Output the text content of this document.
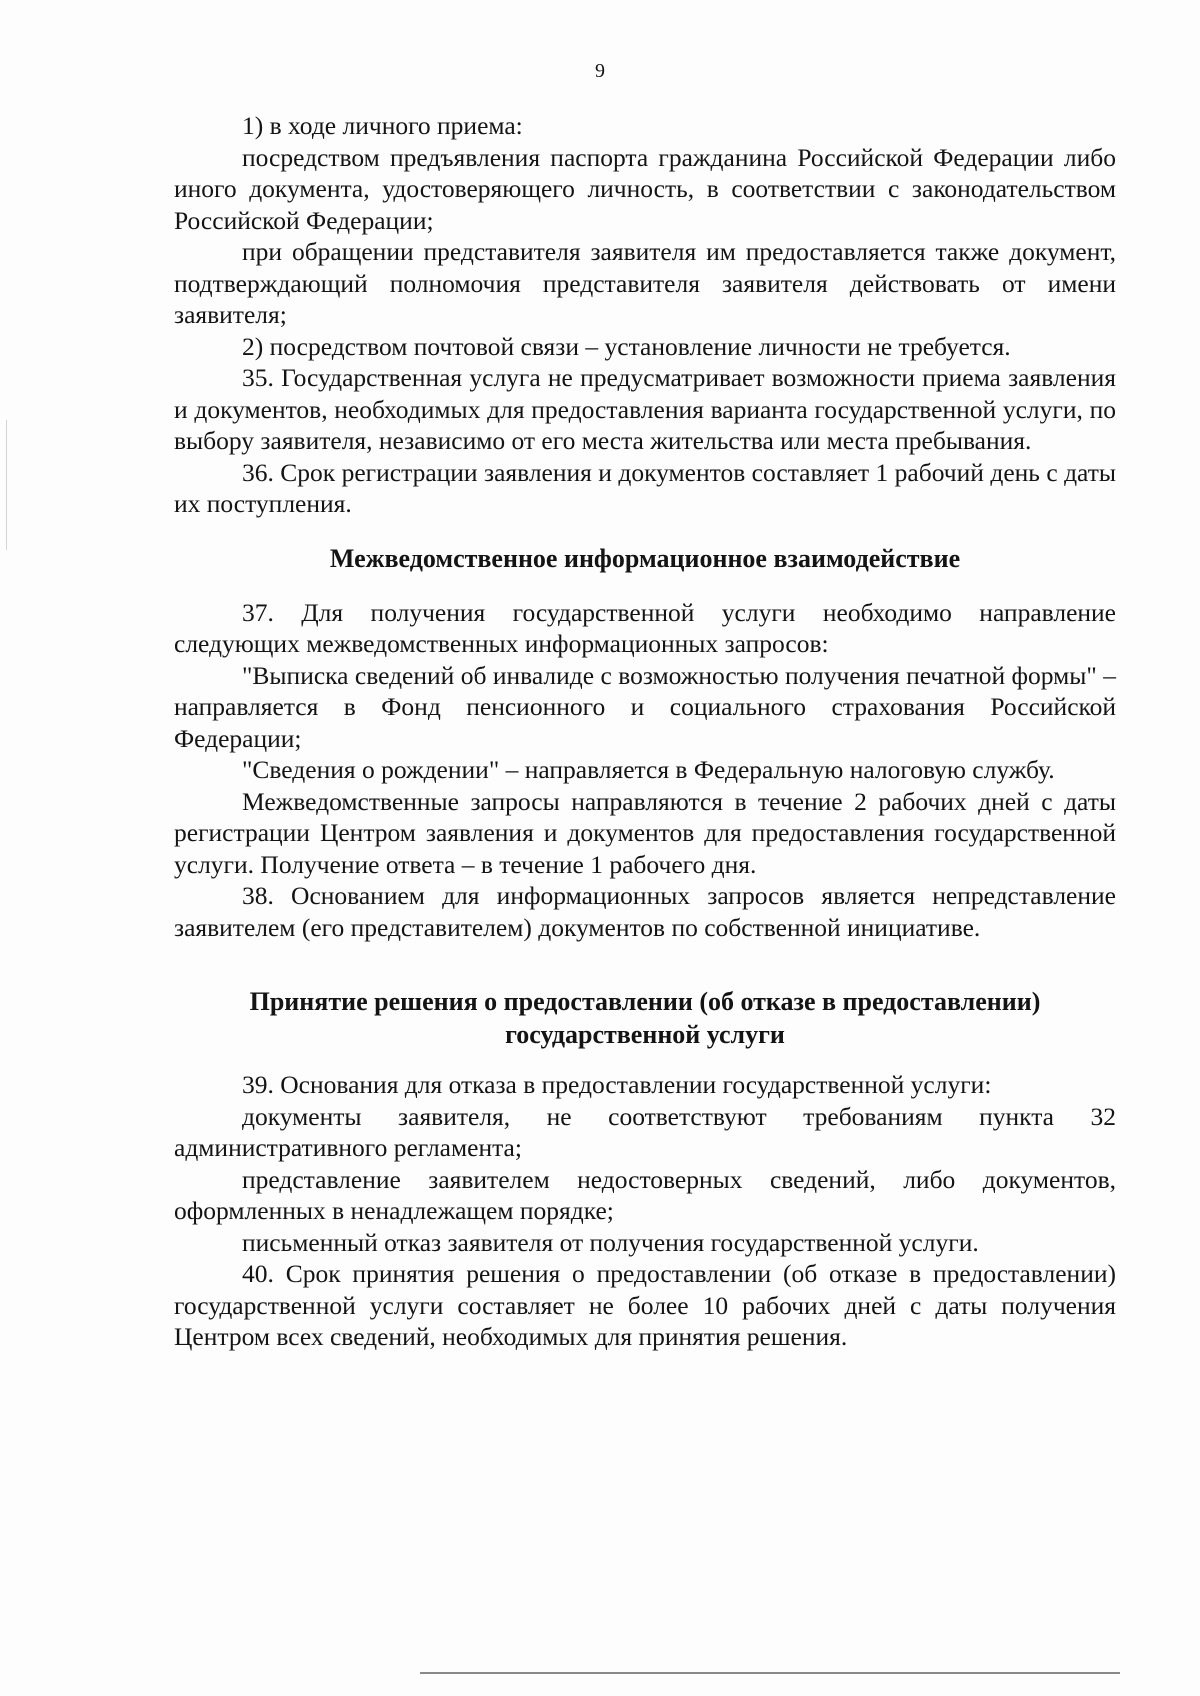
9

1) в ходе личного приема:

посредством предъявления паспорта гражданина Российской Федерации либо иного документа, удостоверяющего личность, в соответствии с законодательством Российской Федерации;

при обращении представителя заявителя им предоставляется также документ, подтверждающий полномочия представителя заявителя действовать от имени заявителя;

2) посредством почтовой связи – установление личности не требуется.

35. Государственная услуга не предусматривает возможности приема заявления и документов, необходимых для предоставления варианта государственной услуги, по выбору заявителя, независимо от его места жительства или места пребывания.

36. Срок регистрации заявления и документов составляет 1 рабочий день с даты их поступления.

Межведомственное информационное взаимодействие

37. Для получения государственной услуги необходимо направление следующих межведомственных информационных запросов:

"Выписка сведений об инвалиде с возможностью получения печатной формы" – направляется в Фонд пенсионного и социального страхования Российской Федерации;

"Сведения о рождении" – направляется в Федеральную налоговую службу.

Межведомственные запросы направляются в течение 2 рабочих дней с даты регистрации Центром заявления и документов для предоставления государственной услуги. Получение ответа – в течение 1 рабочего дня.

38. Основанием для информационных запросов является непредставление заявителем (его представителем) документов по собственной инициативе.

Принятие решения о предоставлении (об отказе в предоставлении)
государственной услуги

39. Основания для отказа в предоставлении государственной услуги:

документы заявителя, не соответствуют требованиям пункта 32 административного регламента;

представление заявителем недостоверных сведений, либо документов, оформленных в ненадлежащем порядке;

письменный отказ заявителя от получения государственной услуги.

40. Срок принятия решения о предоставлении (об отказе в предоставлении) государственной услуги составляет не более 10 рабочих дней с даты получения Центром всех сведений, необходимых для принятия решения.
